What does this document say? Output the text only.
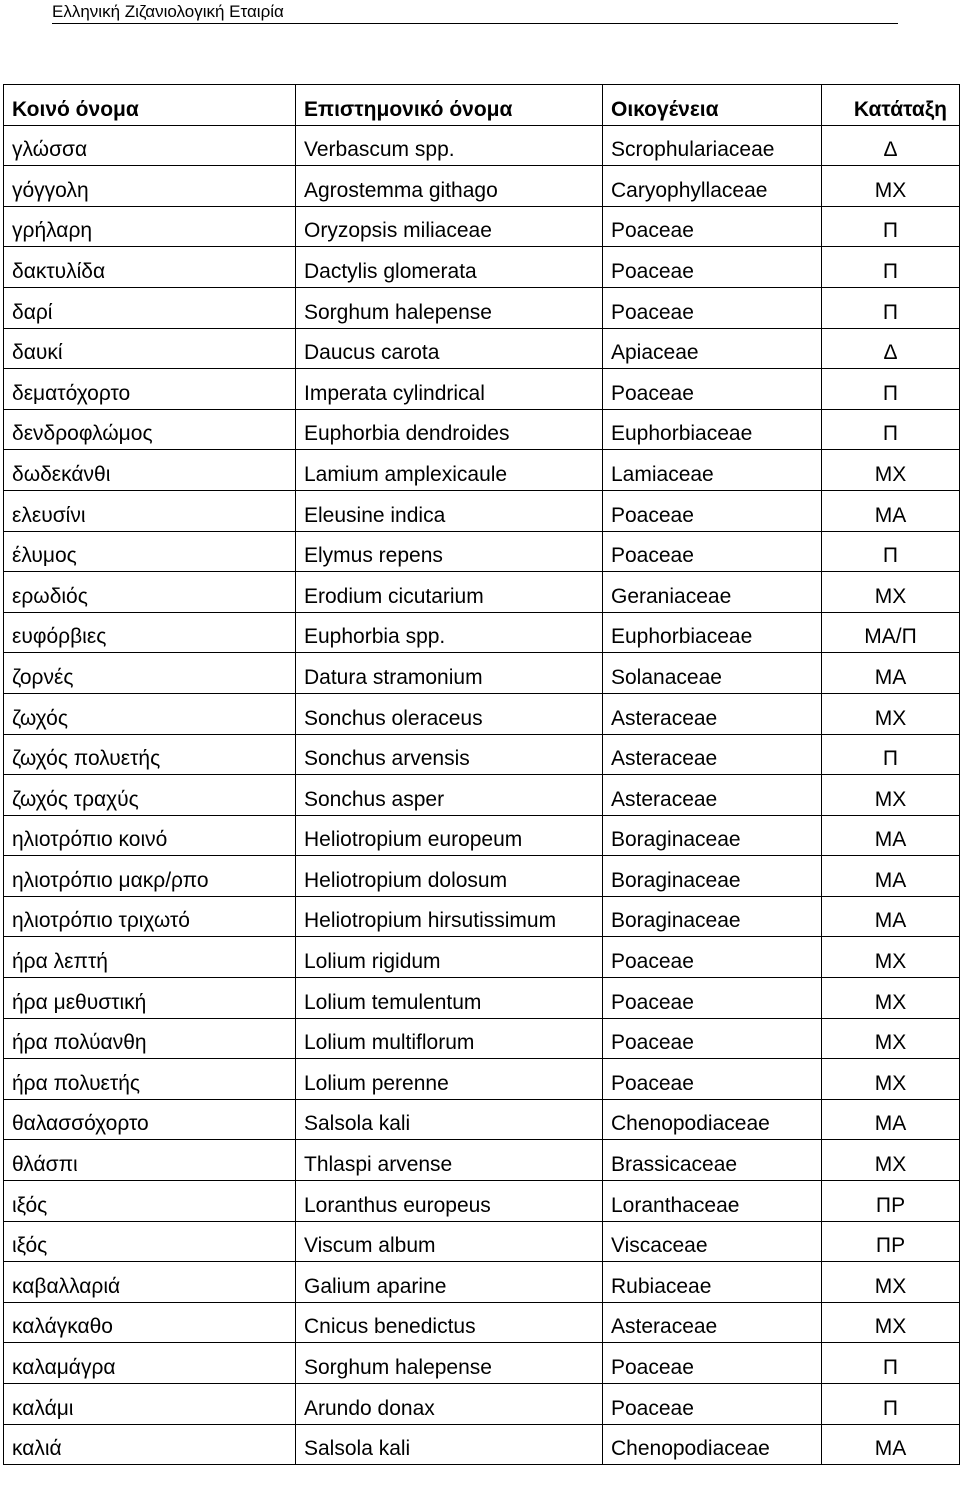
Ελληνική Ζιζανιολογική Εταιρία
Κοινό όνομα	Επιστημονικό όνομα	Οικογένεια	Κατάταξη
γλώσσα	Verbascum spp.	Scrophulariaceae	Δ
γόγγολη	Agrostemma githago	Caryophyllaceae	ΜΧ
γρήλαρη	Oryzopsis miliaceae	Poaceae	Π
δακτυλίδα	Dactylis glomerata	Poaceae	Π
δαρί	Sorghum halepense	Poaceae	Π
δαυκί	Daucus carota	Apiaceae	Δ
δεματόχορτο	Imperata cylindrical	Poaceae	Π
δενδροφλώμος	Euphorbia dendroides	Euphorbiaceae	Π
δωδεκάνθι	Lamium amplexicaule	Lamiaceae	ΜΧ
ελευσίνι	Eleusine indica	Poaceae	ΜΑ
έλυμος	Elymus repens	Poaceae	Π
ερωδιός	Erodium cicutarium	Geraniaceae	ΜΧ
ευφόρβιες	Euphorbia spp.	Euphorbiaceae	ΜΑ/Π
ζορνές	Datura stramonium	Solanaceae	ΜΑ
ζωχός	Sonchus oleraceus	Asteraceae	ΜΧ
ζωχός πολυετής	Sonchus arvensis	Asteraceae	Π
ζωχός τραχύς	Sonchus asper	Asteraceae	ΜΧ
ηλιοτρόπιο κοινό	Heliotropium europeum	Boraginaceae	ΜΑ
ηλιοτρόπιο μακρ/ρπο	Heliotropium dolosum	Boraginaceae	ΜΑ
ηλιοτρόπιο τριχωτό	Heliotropium hirsutissimum	Boraginaceae	ΜΑ
ήρα λεπτή	Lolium rigidum	Poaceae	ΜΧ
ήρα μεθυστική	Lolium temulentum	Poaceae	ΜΧ
ήρα πολύανθη	Lolium multiflorum	Poaceae	ΜΧ
ήρα πολυετής	Lolium perenne	Poaceae	ΜΧ
θαλασσόχορτο	Salsola kali	Chenopodiaceae	ΜΑ
θλάσπι	Thlaspi arvense	Brassicaceae	ΜΧ
ιξός	Loranthus europeus	Loranthaceae	ΠΡ
ιξός	Viscum album	Viscaceae	ΠΡ
καβαλλαριά	Galium aparine	Rubiaceae	ΜΧ
καλάγκαθο	Cnicus benedictus	Asteraceae	ΜΧ
καλαμάγρα	Sorghum halepense	Poaceae	Π
καλάμι	Arundo donax	Poaceae	Π
καλιά	Salsola kali	Chenopodiaceae	ΜΑ
